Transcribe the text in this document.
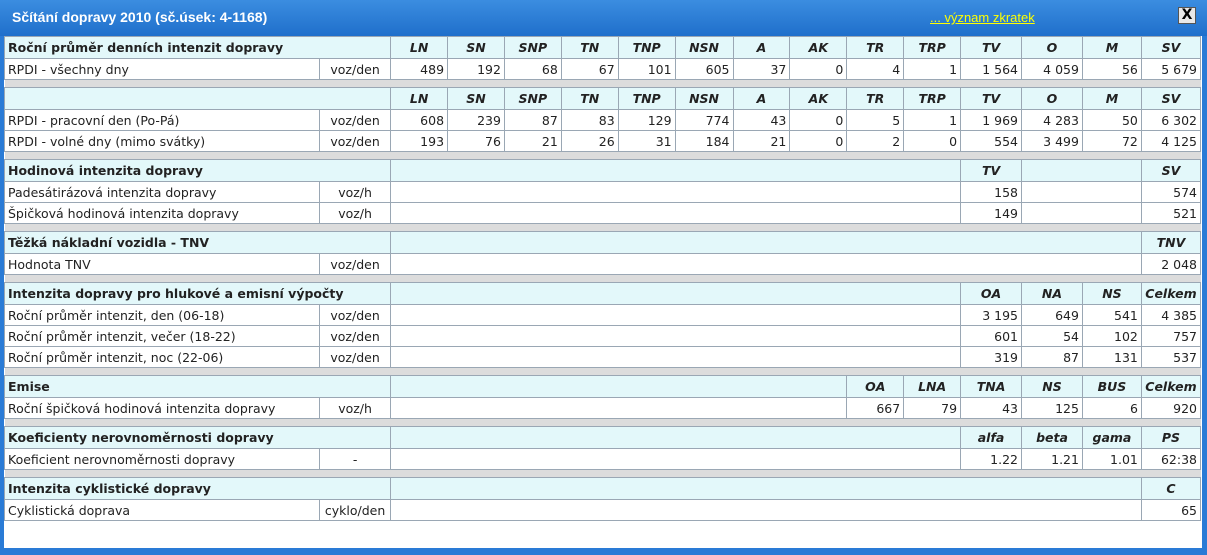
Sčítání dopravy 2010 (sč.úsek: 4-1168)	... význam zkratek	X
Roční průměr denních intenzit dopravy		LN	SN	SNP	TN	TNP	NSN	A	AK	TR	TRP	TV	O	M	SV
RPDI - všechny dny	voz/den	489	192	68	67	101	605	37	0	4	1	1 564	4 059	56	5 679

		LN	SN	SNP	TN	TNP	NSN	A	AK	TR	TRP	TV	O	M	SV
RPDI - pracovní den (Po-Pá)	voz/den	608	239	87	83	129	774	43	0	5	1	1 969	4 283	50	6 302
RPDI - volné dny (mimo svátky)	voz/den	193	76	21	26	31	184	21	0	2	0	554	3 499	72	4 125

Hodinová intenzita dopravy												TV			SV
Padesátirázová intenzita dopravy	voz/h											158			574
Špičková hodinová intenzita dopravy	voz/h											149			521

Těžká nákladní vozidla - TNV															TNV
Hodnota TNV	voz/den														2 048

Intenzita dopravy pro hlukové a emisní výpočty												OA	NA	NS	Celkem
Roční průměr intenzit, den (06-18)	voz/den											3 195	649	541	4 385
Roční průměr intenzit, večer (18-22)	voz/den											601	54	102	757
Roční průměr intenzit, noc (22-06)	voz/den											319	87	131	537

Emise										OA	LNA	TNA	NS	BUS	Celkem
Roční špičková hodinová intenzita dopravy	voz/h									667	79	43	125	6	920

Koeficienty nerovnoměrnosti dopravy												alfa	beta	gama	PS
Koeficient nerovnoměrnosti dopravy	-											1.22	1.21	1.01	62:38

Intenzita cyklistické dopravy															C
Cyklistická doprava	cyklo/den														65
